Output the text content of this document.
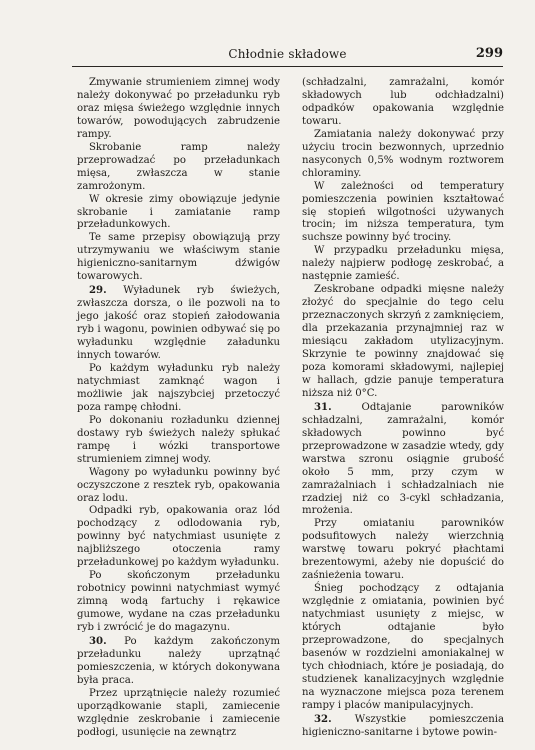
Chłodnie składowe	299

Zmywanie strumieniem zimnej wody należy dokonywać po przeładunku ryb oraz mięsa świeżego względnie innych towarów, powodujących zabrudzenie rampy.

Skrobanie ramp należy przeprowadzać po przeładunkach mięsa, zwłaszcza w stanie zamrożonym.

W okresie zimy obowiązuje jedynie skrobanie i zamiatanie ramp przeładunkowych.

Te same przepisy obowiązują przy utrzymywaniu we właściwym stanie higieniczno-sanitarnym dźwigów towarowych.

29. Wyładunek ryb świeżych, zwłaszcza dorsza, o ile pozwoli na to jego jakość oraz stopień załodowania ryb i wagonu, powinien odbywać się po wyładunku względnie załadunku innych towarów.

Po każdym wyładunku ryb należy natychmiast zamknąć wagon i możliwie jak najszybciej przetoczyć poza rampę chłodni.

Po dokonaniu rozładunku dziennej dostawy ryb świeżych należy spłukać rampę i wózki transportowe strumieniem zimnej wody.

Wagony po wyładunku powinny być oczyszczone z resztek ryb, opakowania oraz lodu.

Odpadki ryb, opakowania oraz lód pochodzący z odlodowania ryb, powinny być natychmiast usunięte z najbliższego otoczenia ramy przeładunkowej po każdym wyładunku.

Po skończonym przeładunku robotnicy powinni natychmiast wymyć zimną wodą fartuchy i rękawice gumowe, wydane na czas przeładunku ryb i zwrócić je do magazynu.

30. Po każdym zakończonym przeładunku należy uprzątnąć pomieszczenia, w których dokonywana była praca.

Przez uprzątnięcie należy rozumieć uporządkowanie stapli, zamiecenie względnie zeskrobanie i zamiecenie podłogi, usunięcie na zewnątrz

(schładzalni, zamrażalni, komór składowych lub odchładzalni) odpadków opakowania względnie towaru.

Zamiatania należy dokonywać przy użyciu trocin bezwonnych, uprzednio nasyconych 0,5% wodnym roztworem chloraminy.

W zależności od temperatury pomieszczenia powinien kształtować się stopień wilgotności używanych trocin; im niższa temperatura, tym suchsze powinny być trociny.

W przypadku przeładunku mięsa, należy najpierw podłogę zeskrobać, a następnie zamieść.

Zeskrobane odpadki mięsne należy złożyć do specjalnie do tego celu przeznaczonych skrzyń z zamknięciem, dla przekazania przynajmniej raz w miesiącu zakładom utylizacyjnym. Skrzynie te powinny znajdować się poza komorami składowymi, najlepiej w hallach, gdzie panuje temperatura niższa niż 0°C.

31.	Odtajanie parowników schładzalni, zamrażalni, komór składowych powinno być przeprowadzone w zasadzie wtedy, gdy warstwa szronu osiągnie grubość około 5 mm, przy czym w zamrażalniach i schładzalniach nie rzadziej niż co 3-cykl schładzania, mrożenia.

Przy omiataniu parowników podsufitowych należy wierzchnią warstwę towaru pokryć płachtami brezentowymi, ażeby nie dopuścić do zaśnieżenia towaru.

Śnieg pochodzący z odtajania względnie z omiatania, powinien być natychmiast usunięty z miejsc, w których odtajanie było przeprowadzone, do specjalnych basenów w rozdzielni amoniakalnej w tych chłodniach, które je posiadają, do studzienek kanalizacyjnych względnie na wyznaczone miejsca poza terenem rampy i placów manipulacyjnych.

32. Wszystkie pomieszczenia higieniczno-sanitarne i bytowe powin-
